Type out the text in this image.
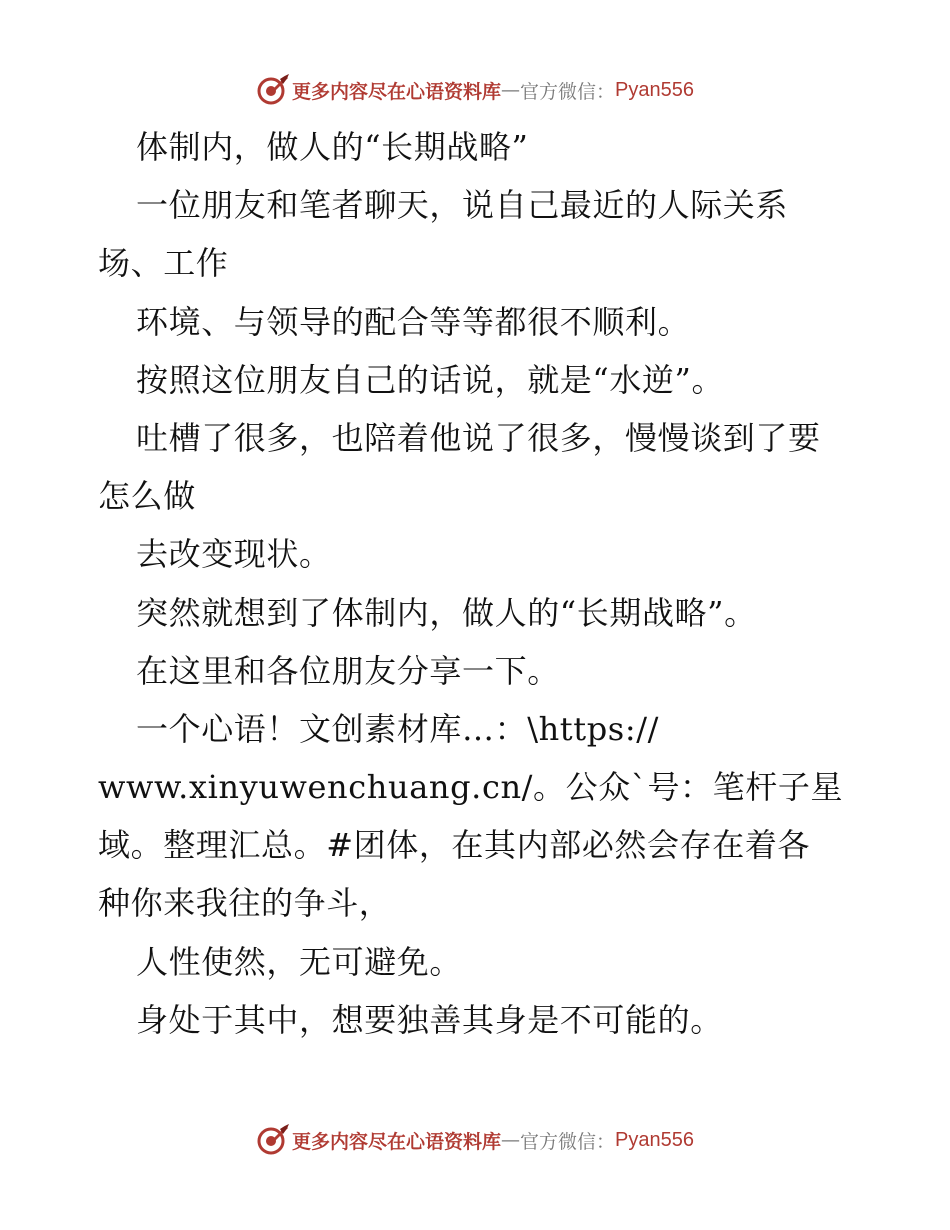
更多内容尽在心语资料库 — 官方微信： Pyan556
体制内，做人的“长期战略”
一位朋友和笔者聊天，说自己最近的人际关系
场、工作
环境、与领导的配合等等都很不顺利。
按照这位朋友自己的话说，就是“水逆”。
吐槽了很多，也陪着他说了很多，慢慢谈到了要
怎么做
去改变现状。
突然就想到了体制内，做人的“长期战略”。
在这里和各位朋友分享一下。
一个心语！文创素材库…：\https://
www.xinyuwenchuang.cn/。公众`号：笔杆子星
域。整理汇总。#团体，在其内部必然会存在着各
种你来我往的争斗，
人性使然，无可避免。
身处于其中，想要独善其身是不可能的。
更多内容尽在心语资料库 — 官方微信： Pyan556
